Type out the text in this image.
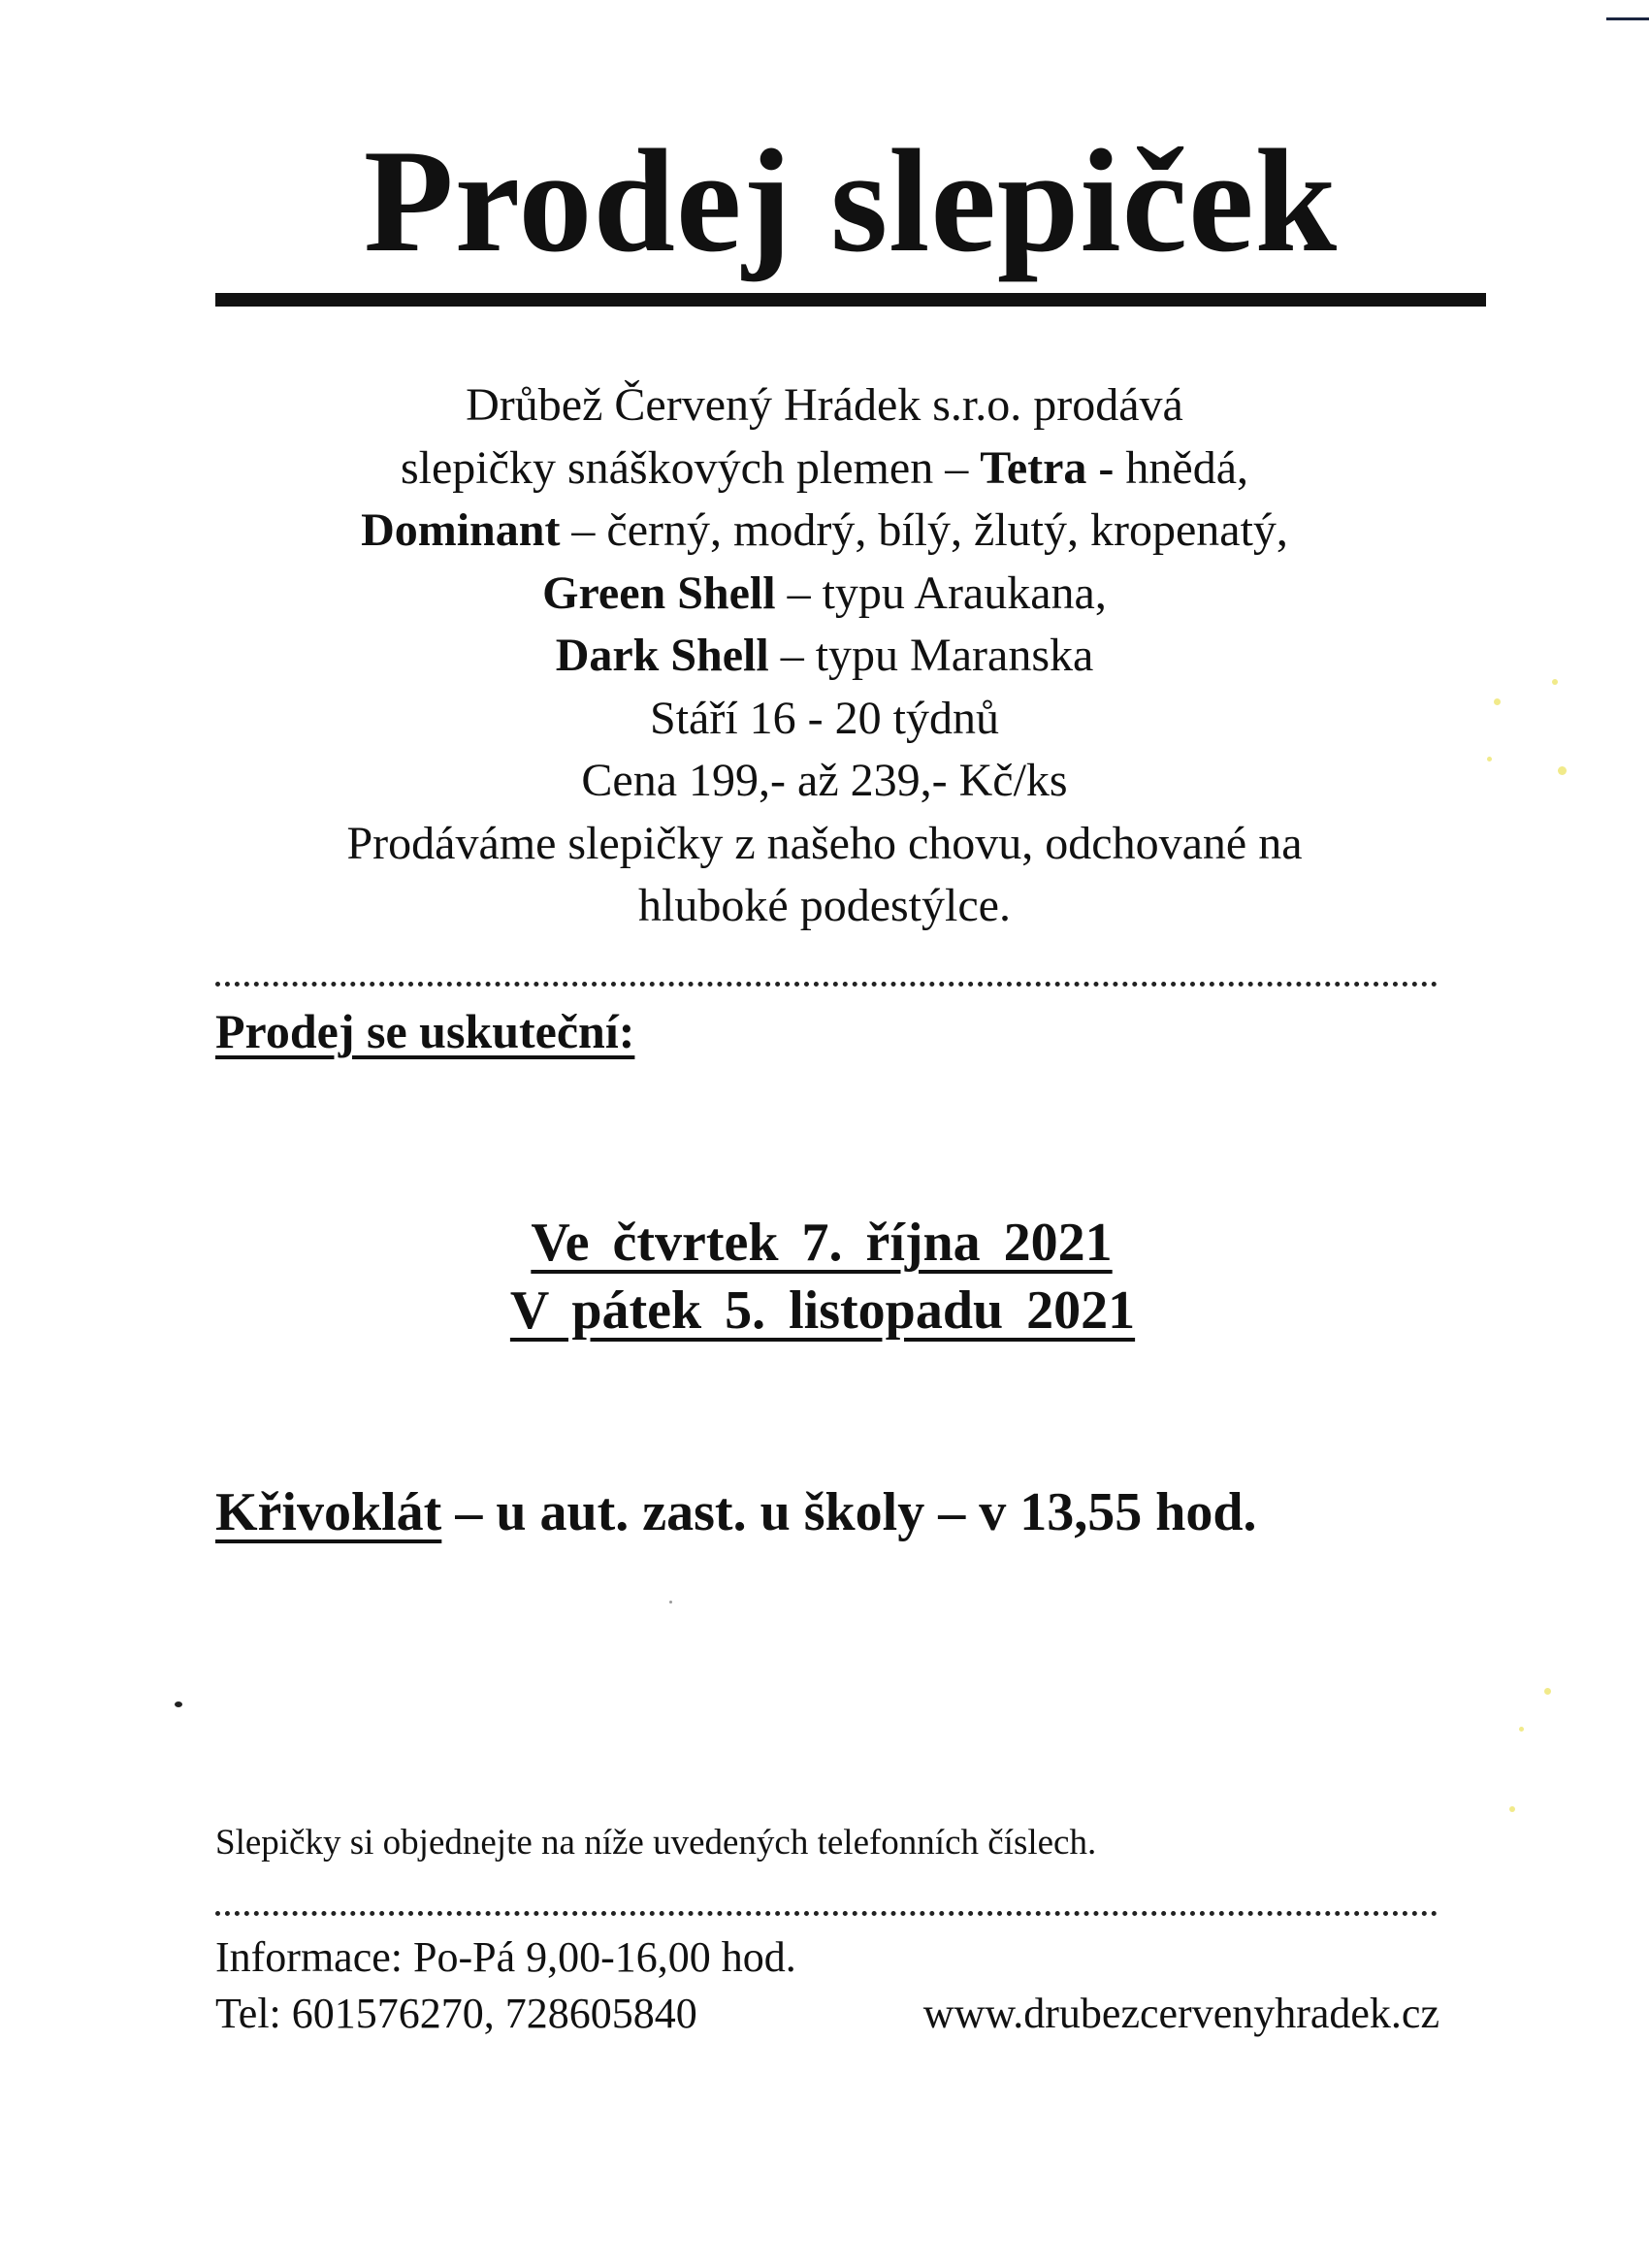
Prodej slepiček
Drůbež Červený Hrádek s.r.o. prodává
slepičky snáškových plemen – Tetra - hnědá,
Dominant – černý, modrý, bílý, žlutý, kropenatý,
Green Shell – typu Araukana,
Dark Shell – typu Maranska
Stáří 16 - 20 týdnů
Cena 199,- až 239,- Kč/ks
Prodáváme slepičky z našeho chovu, odchované na
hluboké podestýlce.
Prodej se uskuteční:
Ve čtvrtek 7. října 2021
V pátek 5. listopadu 2021
Křivoklát – u aut. zast. u školy – v 13,55 hod.
Slepičky si objednejte na níže uvedených telefonních číslech.
Informace: Po-Pá 9,00-16,00 hod.
Tel: 601576270, 728605840	www.drubezcervenyhradek.cz
